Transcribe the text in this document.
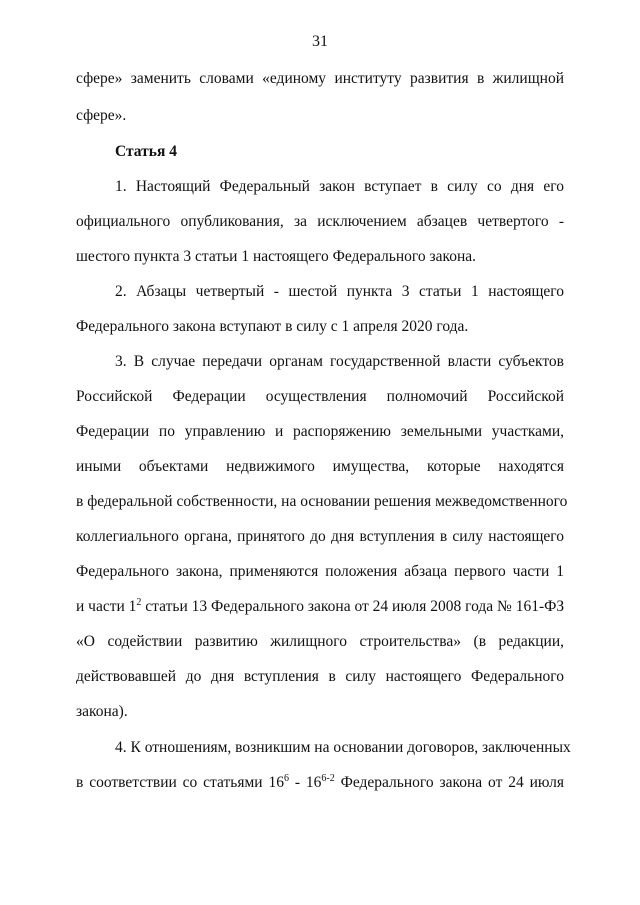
31
сфере» заменить словами «единому институту развития в жилищной
сфере».
Статья 4
1. Настоящий Федеральный закон вступает в силу со дня его
официального опубликования, за исключением абзацев четвертого -
шестого пункта 3 статьи 1 настоящего Федерального закона.
2. Абзацы четвертый - шестой пункта 3 статьи 1 настоящего
Федерального закона вступают в силу с 1 апреля 2020 года.
3. В случае передачи органам государственной власти субъектов
Российской Федерации осуществления полномочий Российской
Федерации по управлению и распоряжению земельными участками,
иными объектами недвижимого имущества, которые находятся
в федеральной собственности, на основании решения межведомственного
коллегиального органа, принятого до дня вступления в силу настоящего
Федерального закона, применяются положения абзаца первого части 1
и части $1^2$ статьи 13 Федерального закона от 24 июля 2008 года № 161-ФЗ
«О содействии развитию жилищного строительства» (в редакции,
действовавшей до дня вступления в силу настоящего Федерального
закона).
4. К отношениям, возникшим на основании договоров, заключенных
в соответствии со статьями $16^6 - 16^{6-2}$ Федерального закона от 24 июля
